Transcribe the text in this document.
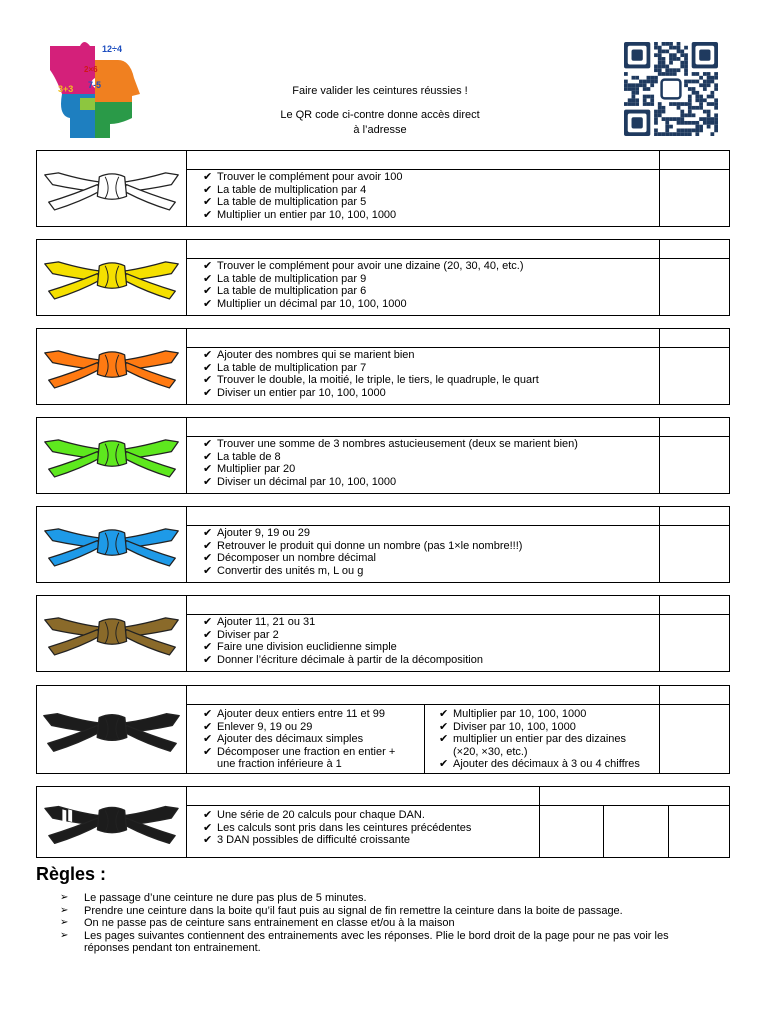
12÷4
2×6
3+3 7-5	Faire valider les ceintures réussies !
Le QR code ci-contre donne accès direct
à l’adresse
✔ Trouver le complément pour avoir 100
✔ La table de multiplication par 4
✔ La table de multiplication par 5
✔ Multiplier un entier par 10, 100, 1000
✔ Trouver le complément pour avoir une dizaine (20, 30, 40, etc.)
✔ La table de multiplication par 9
✔ La table de multiplication par 6
✔ Multiplier un décimal par 10, 100, 1000
✔ Ajouter des nombres qui se marient bien
✔ La table de multiplication par 7
✔ Trouver le double, la moitié, le triple, le tiers, le quadruple, le quart
✔ Diviser un entier par 10, 100, 1000
✔ Trouver une somme de 3 nombres astucieusement (deux se marient bien)
✔ La table de 8
✔ Multiplier par 20
✔ Diviser un décimal par 10, 100, 1000
✔ Ajouter 9, 19 ou 29
✔ Retrouver le produit qui donne un nombre (pas 1×le nombre!!!)
✔ Décomposer un nombre décimal
✔ Convertir des unités m, L ou g
✔ Ajouter 11, 21 ou 31
✔ Diviser par 2
✔ Faire une division euclidienne simple
✔ Donner l’écriture décimale à partir de la décomposition
✔ Ajouter deux entiers entre 11 et 99
✔ Enlever 9, 19 ou 29
✔ Ajouter des décimaux simples
✔ Décomposer une fraction en entier +
une fraction inférieure à 1
✔ Multiplier par 10, 100, 1000
✔ Diviser par 10, 100, 1000
✔ multiplier un entier par des dizaines
(×20, ×30, etc.)
✔ Ajouter des décimaux à 3 ou 4 chiffres
✔ Une série de 20 calculs pour chaque DAN.
✔ Les calculs sont pris dans les ceintures précédentes
✔ 3 DAN possibles de difficulté croissante
Règles :
➢ Le passage d’une ceinture ne dure pas plus de 5 minutes.
➢ Prendre une ceinture dans la boite qu’il faut puis au signal de fin remettre la ceinture dans la boite de passage.
➢ On ne passe pas de ceinture sans entrainement en classe et/ou à la maison
➢ Les pages suivantes contiennent des entrainements avec les réponses. Plie le bord droit de la page pour ne pas voir les réponses pendant ton entrainement.
